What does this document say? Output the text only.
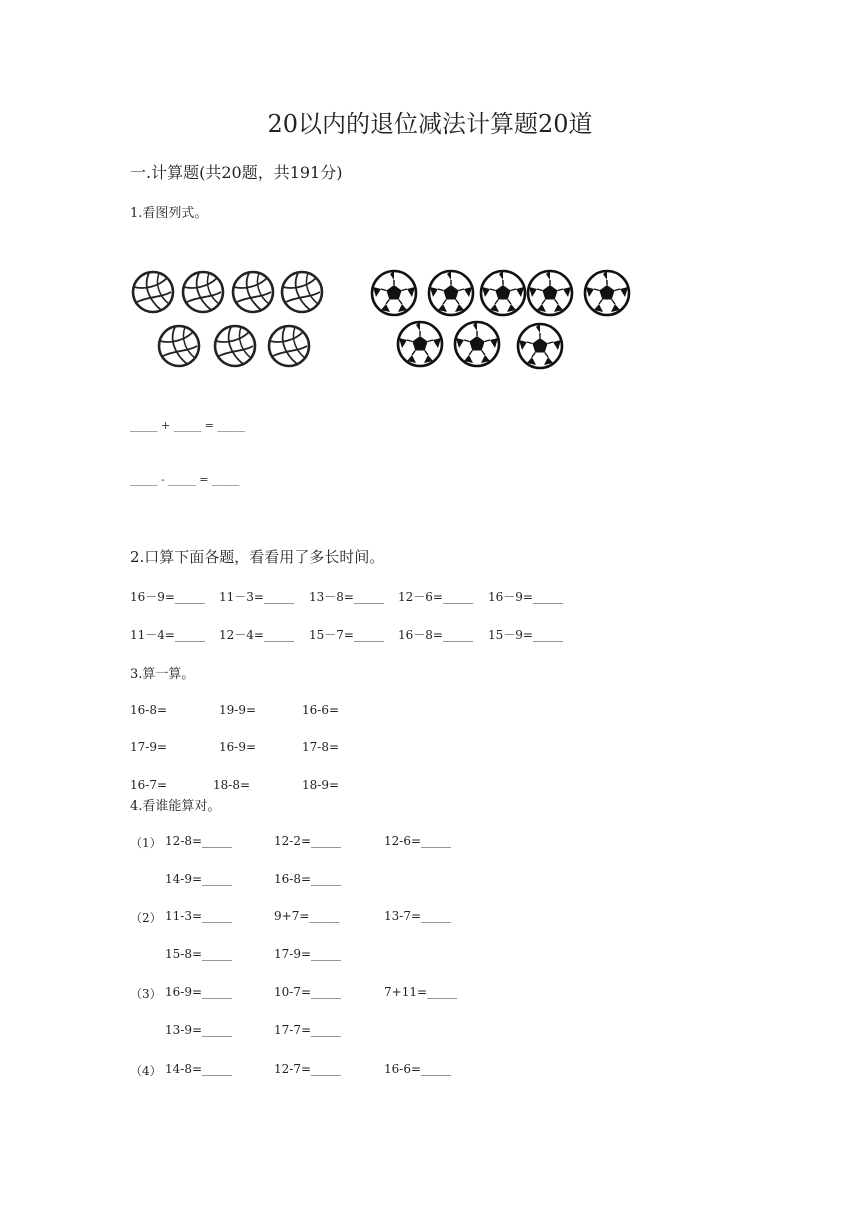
20以内的退位减法计算题20道
一.计算题(共20题，共191分)
1.看图列式。
_____ + _____ = _____
_____ - _____ = _____
2.口算下面各题，看看用了多长时间。
16－9=_____ 11－3=_____ 13－8=_____ 12－6=_____ 16－9=_____
11－4=_____ 12－4=_____ 15－7=_____ 16－8=_____ 15－9=_____
3.算一算。
16-8=	19-9=	16-6=
17-9=	16-9=	17-8=
16-7=	18-8=	18-9=
4.看谁能算对。
（1） 12-8=_____	12-2=_____	12-6=_____
14-9=_____	16-8=_____
（2） 11-3=_____	9+7=_____	13-7=_____
15-8=_____	17-9=_____
（3） 16-9=_____	10-7=_____	7+11=_____
13-9=_____	17-7=_____
（4） 14-8=_____	12-7=_____	16-6=_____
